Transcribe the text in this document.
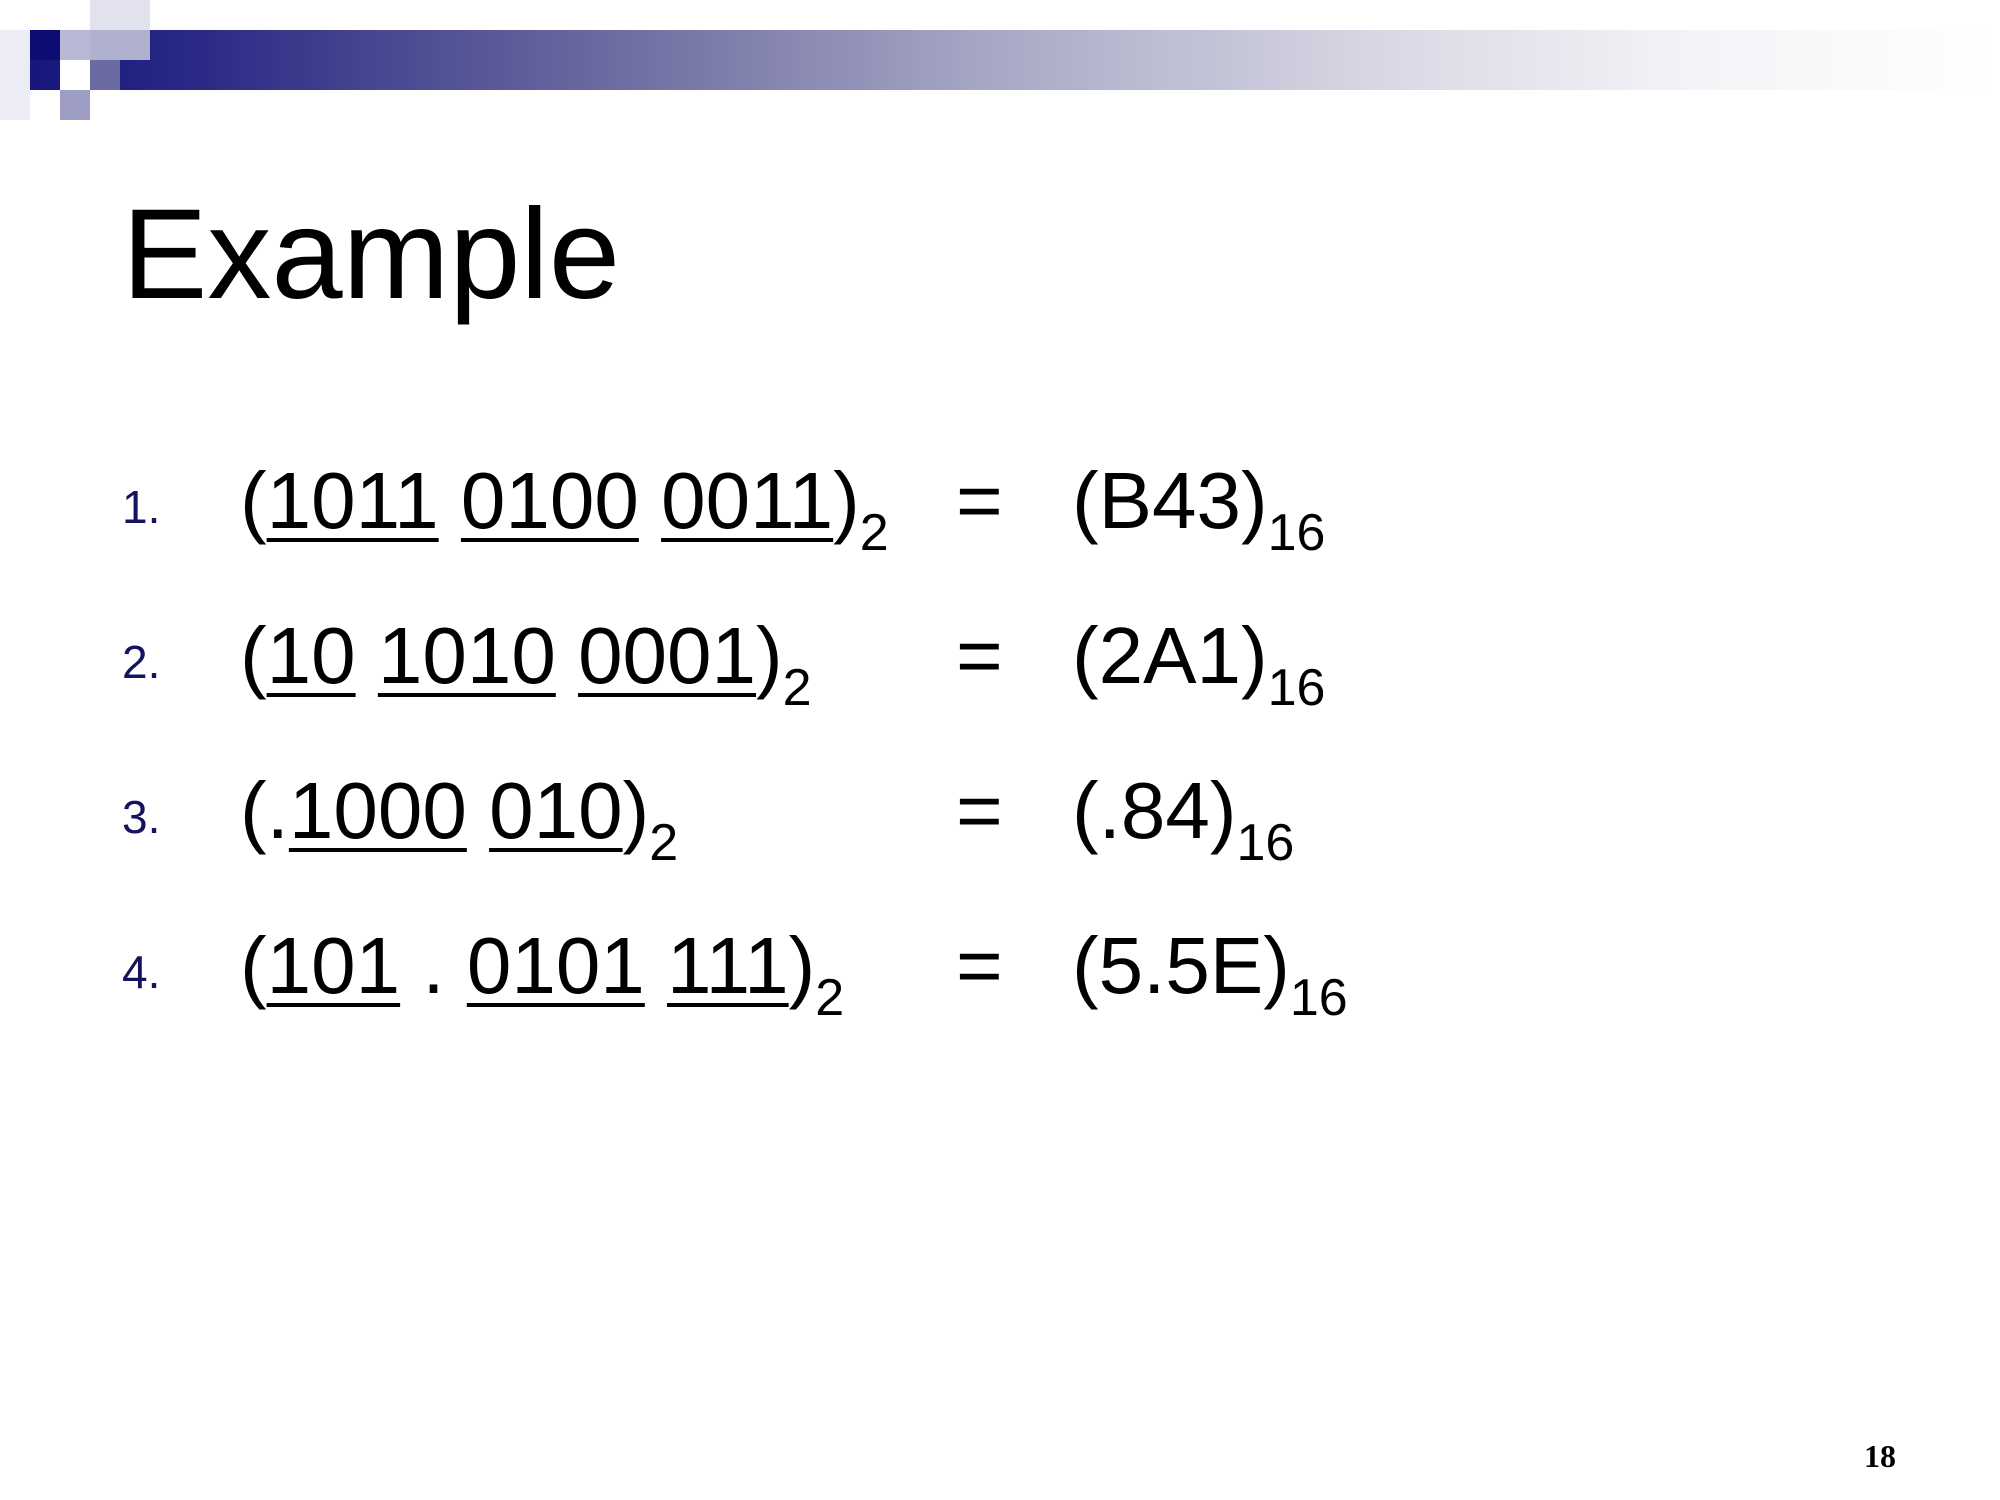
Example
1. (1011 0100 $0011)_2 = (B43)_{16}$
2. (10 1010 $0001)_2 = (2A1)_{16}$
3. (.1000 $010)_2$	= $(.84)_{16}$
4. (101 . 0101 $111)_2 = (5.5E)_{16}$
18
